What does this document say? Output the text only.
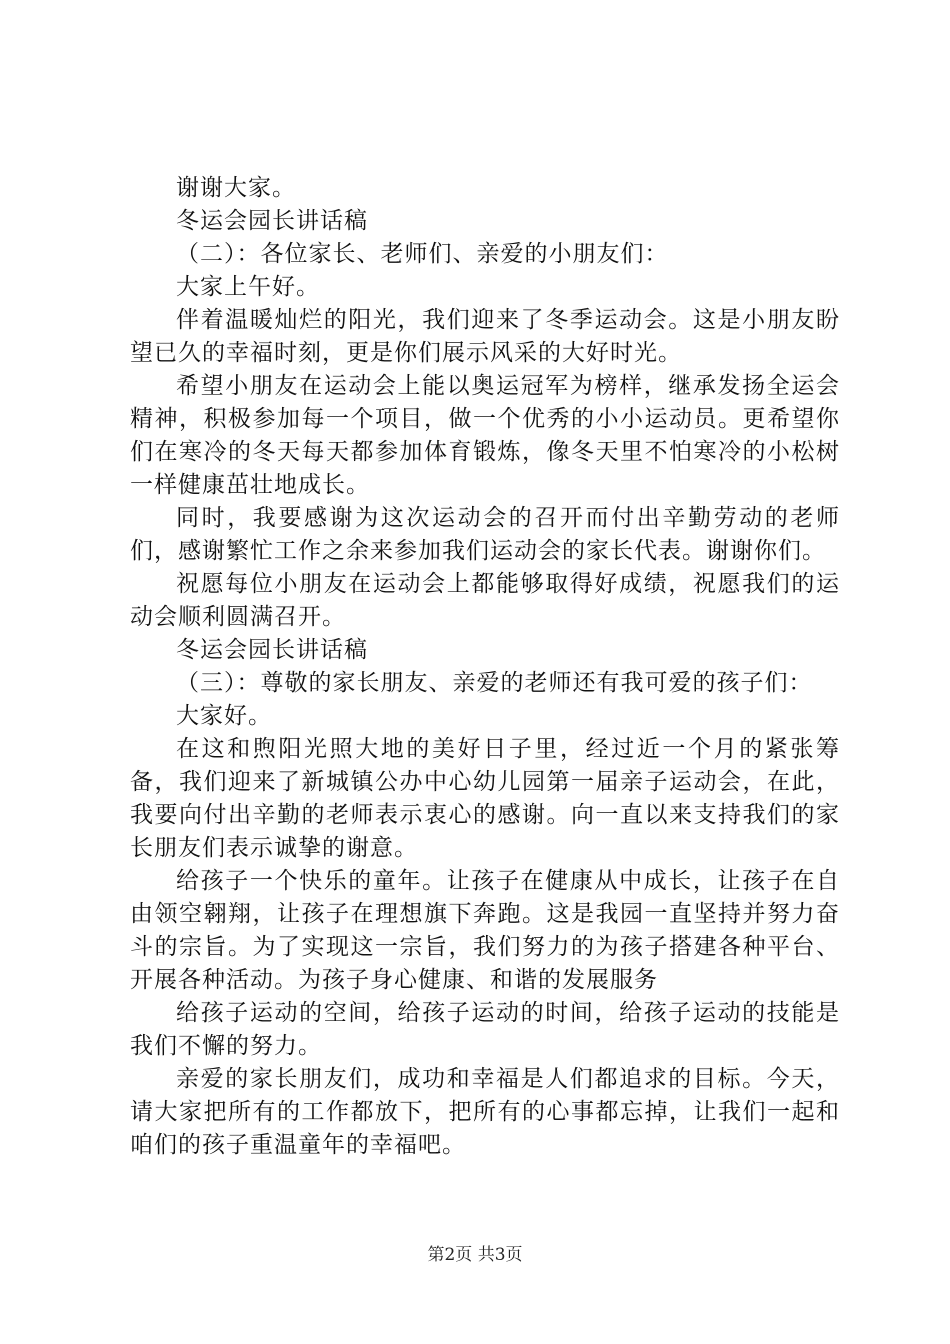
谢谢大家。

冬运会园长讲话稿

（二）：各位家长、老师们、亲爱的小朋友们：

大家上午好。

伴着温暖灿烂的阳光，我们迎来了冬季运动会。这是小朋友盼望已久的幸福时刻，更是你们展示风采的大好时光。

希望小朋友在运动会上能以奥运冠军为榜样，继承发扬全运会精神，积极参加每一个项目，做一个优秀的小小运动员。更希望你们在寒冷的冬天每天都参加体育锻炼，像冬天里不怕寒冷的小松树一样健康茁壮地成长。

同时，我要感谢为这次运动会的召开而付出辛勤劳动的老师们，感谢繁忙工作之余来参加我们运动会的家长代表。谢谢你们。

祝愿每位小朋友在运动会上都能够取得好成绩，祝愿我们的运动会顺利圆满召开。

冬运会园长讲话稿

（三）：尊敬的家长朋友、亲爱的老师还有我可爱的孩子们：

大家好。

在这和煦阳光照大地的美好日子里，经过近一个月的紧张筹备，我们迎来了新城镇公办中心幼儿园第一届亲子运动会，在此，我要向付出辛勤的老师表示衷心的感谢。向一直以来支持我们的家长朋友们表示诚挚的谢意。

给孩子一个快乐的童年。让孩子在健康从中成长，让孩子在自由领空翱翔，让孩子在理想旗下奔跑。这是我园一直坚持并努力奋斗的宗旨。为了实现这一宗旨，我们努力的为孩子搭建各种平台、开展各种活动。为孩子身心健康、和谐的发展服务

给孩子运动的空间，给孩子运动的时间，给孩子运动的技能是我们不懈的努力。

亲爱的家长朋友们，成功和幸福是人们都追求的目标。今天，请大家把所有的工作都放下，把所有的心事都忘掉，让我们一起和咱们的孩子重温童年的幸福吧。

第2页 共3页
